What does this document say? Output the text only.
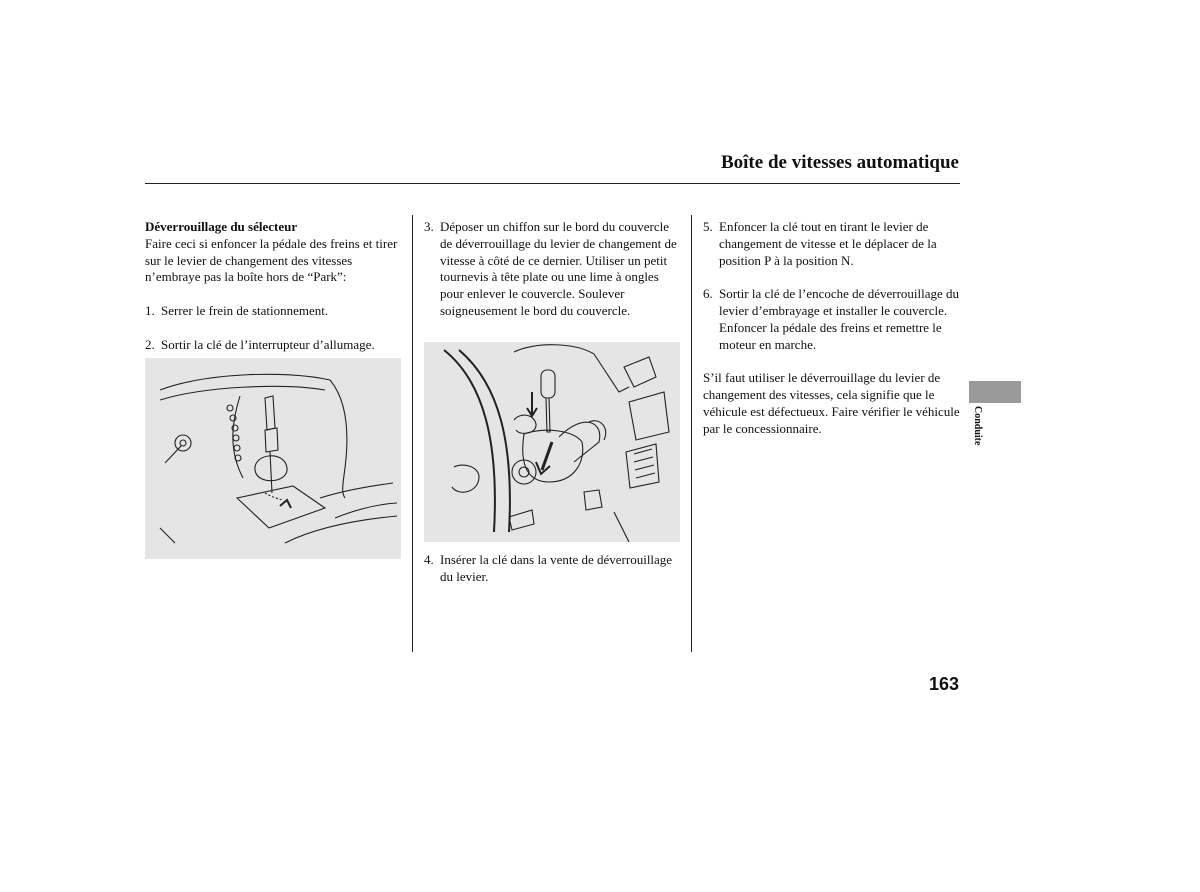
Boîte de vitesses automatique

Déverrouillage du sélecteur

Faire ceci si enfoncer la pédale des freins et tirer sur le levier de changement des vitesses n’embraye pas la boîte hors de “Park”:

1. Serrer le frein de stationnement.
2. Sortir la clé de l’interrupteur d’allumage.
3. Déposer un chiffon sur le bord du couvercle de déverrouillage du levier de changement de vitesse à côté de ce dernier. Utiliser un petit tournevis à tête plate ou une lime à ongles pour enlever le couvercle. Soulever soigneusement le bord du couvercle.
4. Insérer la clé dans la vente de déverrouillage du levier.
5. Enfoncer la clé tout en tirant le levier de changement de vitesse et le déplacer de la position P à la position N.
6. Sortir la clé de l’encoche de déverrouillage du levier d’embrayage et installer le couvercle. Enfoncer la pédale des freins et remettre le moteur en marche.

S’il faut utiliser le déverrouillage du levier de changement des vitesses, cela signifie que le véhicule est défectueux. Faire vérifier le véhicule par le concessionnaire.	Conduite
163
